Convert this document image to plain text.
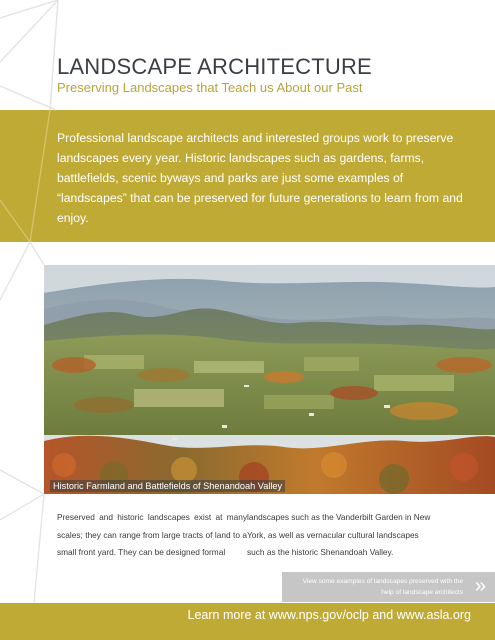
LANDSCAPE ARCHITECTURE
Preserving Landscapes that Teach us About our Past
Professional landscape architects and interested groups work to preserve landscapes every year. Historic landscapes such as gardens, farms, battlefields, scenic byways and parks are just some examples of “landscapes” that can be preserved for future generations to learn from and enjoy.
Historic Farmland and Battlefields of Shenandoah Valley
Preserved and historic landscapes exist at many scales; they can range from large tracts of land to a small front yard. They can be designed formal
landscapes such as the Vanderbilt Garden in New York, as well as vernacular cultural landscapes such as the historic Shenandoah Valley.
View some examples of landscapes preserved with the help of landscape architects »
Learn more at www.nps.gov/oclp and www.asla.org
